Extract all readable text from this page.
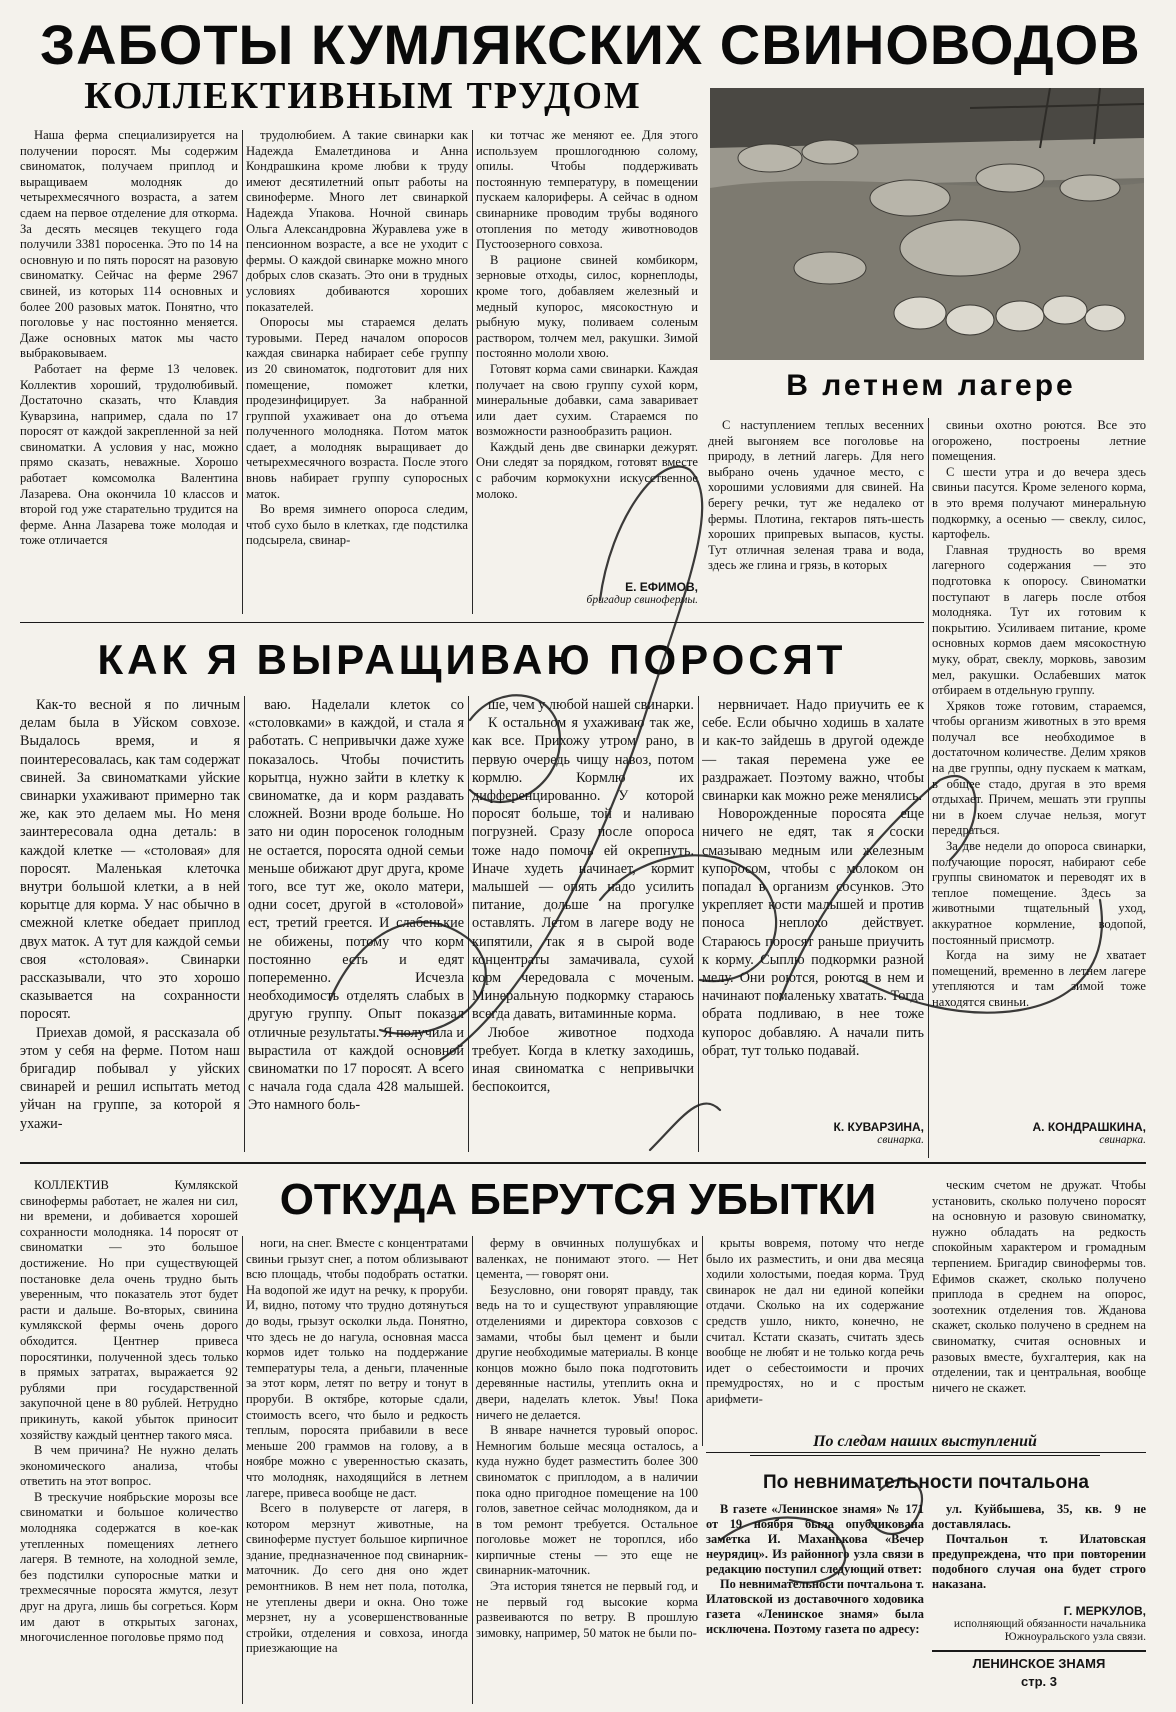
ЗАБОТЫ КУМЛЯКСКИХ СВИНОВОДОВ
КОЛЛЕКТИВНЫМ ТРУДОМ

Наша ферма специализируется на получении поросят. Мы содержим свиноматок, получаем приплод и выращиваем молодняк до четырехмесячного возраста, а затем сдаем на первое отделение для откорма. За десять месяцев текущего года получили 3381 поросенка. Это по 14 на основную и по пять поросят на разовую свиноматку. Сейчас на ферме 2967 свиней, из которых 114 основных и более 200 разовых маток. Понятно, что поголовье у нас постоянно меняется. Даже основных маток мы часто выбраковываем.

Работает на ферме 13 человек. Коллектив хороший, трудолюбивый. Достаточно сказать, что Клавдия Куварзина, например, сдала по 17 поросят от каждой закрепленной за ней свиноматки. А условия у нас, можно прямо сказать, неважные. Хорошо работает комсомолка Валентина Лазарева. Она окончила 10 классов и второй год уже старательно трудится на ферме. Анна Лазарева тоже молодая и тоже отличается

трудолюбием. А такие свинарки как Надежда Емалетдинова и Анна Кондрашкина кроме любви к труду имеют десятилетний опыт работы на свиноферме. Много лет свинаркой Надежда Упакова. Ночной свинарь Ольга Александровна Журавлева уже в пенсионном возрасте, а все не уходит с фермы. О каждой свинарке можно много добрых слов сказать. Это они в трудных условиях добиваются хороших показателей.

Опоросы мы стараемся делать туровыми. Перед началом опоросов каждая свинарка набирает себе группу из 20 свиноматок, подготовит для них помещение, поможет клетки, продезинфицирует. За набранной группой ухаживает она до отъема полученного молодняка. Потом маток сдает, а молодняк выращивает до четырехмесячного возраста. После этого вновь набирает группу супоросных маток.

Во время зимнего опороса следим, чтоб сухо было в клетках, где подстилка подсырела, свинар-

ки тотчас же меняют ее. Для этого используем прошлогоднюю солому, опилы. Чтобы поддерживать постоянную температуру, в помещении пускаем калориферы. А сейчас в одном свинарнике проводим трубы водяного отопления по методу животноводов Пустоозерного совхоза.

В рационе свиней комбикорм, зерновые отходы, силос, корнеплоды, кроме того, добавляем железный и медный купорос, мясокостную и рыбную муку, поливаем соленым раствором, толчем мел, ракушки. Зимой постоянно мололи хвою.

Готовят корма сами свинарки. Каждая получает на свою группу сухой корм, минеральные добавки, сама заваривает или дает сухим. Стараемся по возможности разнообразить рацион.

Каждый день две свинарки дежурят. Они следят за порядком, готовят вместе с рабочим кормокухни искусственное молоко.

Е. ЕФИМОВ,
бригадир свинофермы.
В летнем лагере

С наступлением теплых весенних дней выгоняем все поголовье на природу, в летний лагерь. Для него выбрано очень удачное место, с хорошими условиями для свиней. На берегу речки, тут же недалеко от фермы. Плотина, гектаров пять-шесть хороших припревых выпасов, кусты. Тут отличная зеленая трава и вода, здесь же глина и грязь, в которых

свиньи охотно роются. Все это огорожено, построены летние помещения.

С шести утра и до вечера здесь свиньи пасутся. Кроме зеленого корма, в это время получают минеральную подкормку, а осенью — свеклу, силос, картофель.

Главная трудность во время лагерного содержания — это подготовка к опоросу. Свиноматки поступают в лагерь после отбоя молодняка. Тут их готовим к покрытию. Усиливаем питание, кроме основных кормов даем мясокостную муку, обрат, свеклу, морковь, завозим мел, ракушки. Ослабевших маток отбираем в отдельную группу.

Хряков тоже готовим, стараемся, чтобы организм животных в это время получал все необходимое в достаточном количестве. Делим хряков на две группы, одну пускаем к маткам, в общее стадо, другая в это время отдыхает. Причем, мешать эти группы ни в коем случае нельзя, могут передраться.

За две недели до опороса свинарки, получающие поросят, набирают себе группы свиноматок и переводят их в теплое помещение. Здесь за животными тщательный уход, аккуратное кормление, водопой, постоянный присмотр.

Когда на зиму не хватает помещений, временно в летнем лагере утепляются и там зимой тоже находятся свиньи.

А. КОНДРАШКИНА,
свинарка.
КАК Я ВЫРАЩИВАЮ ПОРОСЯТ

Как-то весной я по личным делам была в Уйском совхозе. Выдалось время, и я поинтересовалась, как там содержат свиней. За свиноматками уйские свинарки ухаживают примерно так же, как это делаем мы. Но меня заинтересовала одна деталь: в каждой клетке — «столовая» для поросят. Маленькая клеточка внутри большой клетки, а в ней корытце для корма. У нас обычно в смежной клетке обедает приплод двух маток. А тут для каждой семьи своя «столовая». Свинарки рассказывали, что это хорошо сказывается на сохранности поросят.

Приехав домой, я рассказала об этом у себя на ферме. Потом наш бригадир побывал у уйских свинарей и решил испытать метод уйчан на группе, за которой я ухажи-

ваю. Наделали клеток со «столовками» в каждой, и стала я работать. С непривычки даже хуже показалось. Чтобы почистить корытца, нужно зайти в клетку к свиноматке, да и корм раздавать сложней. Возни вроде больше. Но зато ни один поросенок голодным не остается, поросята одной семьи меньше обижают друг друга, кроме того, все тут же, около матери, одни сосет, другой в «столовой» ест, третий греется. И слабенькие не обижены, потому что корм постоянно есть и едят попеременно. Исчезла необходимость отделять слабых в другую группу. Опыт показал отличные результаты. Я получила и вырастила от каждой основной свиноматки по 17 поросят. А всего с начала года сдала 428 малышей. Это намного боль-

ше, чем у любой нашей свинарки.

К остальном я ухаживаю так же, как все. Прихожу утром рано, в первую очередь чищу навоз, потом кормлю. Кормлю их дифференцированно. У которой поросят больше, той и наливаю погрузней. Сразу после опороса тоже надо помочь ей окрепнуть. Иначе худеть начинает, кормит малышей — опять надо усилить питание, дольше на прогулке оставлять. Летом в лагере воду не кипятили, так я в сырой воде концентраты замачивала, сухой корм чередовала с моченым. Минеральную подкормку стараюсь всегда давать, витаминные корма.

Любое животное подхода требует. Когда в клетку заходишь, иная свиноматка с непривычки беспокоится,

нервничает. Надо приучить ее к себе. Если обычно ходишь в халате и как-то зайдешь в другой одежде — такая перемена уже ее раздражает. Поэтому важно, чтобы свинарки как можно реже менялись.

Новорожденные поросята еще ничего не едят, так я соски смазываю медным или железным купоросом, чтобы с молоком он попадал в организм сосунков. Это укрепляет кости малышей и против поноса неплохо действует. Стараюсь поросят раньше приучить к корму. Сыплю подкормки разной мелу. Они роются, роются в нем и начинают помаленьку хватать. Тогда обрата подливаю, в нее тоже купорос добавляю. А начали пить обрат, тут только подавай.

К. КУВАРЗИНА,
свинарка.
ОТКУДА БЕРУТСЯ УБЫТКИ

КОЛЛЕКТИВ Кумлякской свинофермы работает, не жалея ни сил, ни времени, и добивается хорошей сохранности молодняка. 14 поросят от свиноматки — это большое достижение. Но при существующей постановке дела очень трудно быть уверенным, что показатель этот будет расти и дальше. Во-вторых, свинина кумлякской фермы очень дорого обходится. Центнер привеса поросятинки, полученной здесь только в прямых затратах, выражается 92 рублями при государственной закупочной цене в 80 рублей. Нетрудно прикинуть, какой убыток приносит хозяйству каждый центнер такого мяса.

В чем причина? Не нужно делать экономического анализа, чтобы ответить на этот вопрос.

В трескучие ноябрьские морозы все свиноматки и большое количество молодняка содержатся в кое-как утепленных помещениях летнего лагеря. В темноте, на холодной земле, без подстилки супоросные матки и трехмесячные поросята жмутся, лезут друг на друга, лишь бы согреться. Корм им дают в открытых загонах, многочисленное поголовье прямо под

ноги, на снег. Вместе с концентратами свиньи грызут снег, а потом облизывают всю площадь, чтобы подобрать остатки. На водопой же идут на речку, к проруби. И, видно, потому что трудно дотянуться до воды, грызут осколки льда. Понятно, что здесь не до нагула, основная масса кормов идет только на поддержание температуры тела, а деньги, плаченные за этот корм, летят по ветру и тонут в проруби. В октябре, которые сдали, стоимость всего, что было и редкость теплым, поросята прибавили в весе меньше 200 граммов на голову, а в ноябре можно с уверенностью сказать, что молодняк, находящийся в летнем лагере, привеса вообще не даст.

Всего в полуверсте от лагеря, в котором мерзнут животные, на свиноферме пустует большое кирпичное здание, предназначенное под свинарник-маточник. До сего дня оно ждет ремонтников. В нем нет пола, потолка, не утеплены двери и окна. Оно тоже мерзнет, ну а усовершенствованные стройки, отделения и совхоза, иногда приезжающие на

ферму в овчинных полушубках и валенках, не понимают этого. — Нет цемента, — говорят они.

Безусловно, они говорят правду, так ведь на то и существуют управляющие отделениями и директора совхозов с замами, чтобы был цемент и были другие необходимые материалы. В конце концов можно было пока подготовить деревянные настилы, утеплить окна и двери, наделать клеток. Увы! Пока ничего не делается.

В январе начнется туровый опорос. Немногим больше месяца осталось, а куда нужно будет разместить более 300 свиноматок с приплодом, а в наличии пока одно пригодное помещение на 100 голов, заветное сейчас молодняком, да и в том ремонт требуется. Остальное поголовье может не тороплся, ибо кирпичные стены — это еще не свинарник-маточник.

Эта история тянется не первый год, и не первый год высокие корма развеиваются по ветру. В прошлую зимовку, например, 50 маток не были по-

крыты вовремя, потому что негде было их разместить, и они два месяца ходили холостыми, поедая корма. Труд свинарок не дал ни единой копейки отдачи. Сколько на их содержание средств ушло, никто, конечно, не считал. Кстати сказать, считать здесь вообще не любят и не только когда речь идет о себестоимости и прочих премудростях, но и с простым арифмети-

ческим счетом не дружат. Чтобы установить, сколько получено поросят на основную и разовую свиноматку, нужно обладать на редкость спокойным характером и громадным терпением. Бригадир свинофермы тов. Ефимов скажет, сколько получено приплода в среднем на опорос, зоотехник отделения тов. Жданова скажет, сколько получено в среднем на свиноматку, считая основных и разовых вместе, бухгалтерия, как на отделении, так и центральная, вообще ничего не скажет.

По следам наших выступлений
По невнимательности почтальона

В газете «Ленинское знамя» № 171 от 19 ноября была опубликована заметка И. Маханькова «Вечер неурядиц». Из районного узла связи в редакцию поступил следующий ответ:

По невнимательности почтальона т. Илатовской из доставочного ходовика газета «Ленинское знамя» была исключена. Поэтому газета по адресу:

ул. Куйбышева, 35, кв. 9 не доставлялась.

Почтальон т. Илатовская предупреждена, что при повторении подобного случая она будет строго наказана.

Г. МЕРКУЛОВ,
исполняющий обязанности начальника Южноуральского узла связи.
ЛЕНИНСКОЕ ЗНАМЯ
стр. 3
